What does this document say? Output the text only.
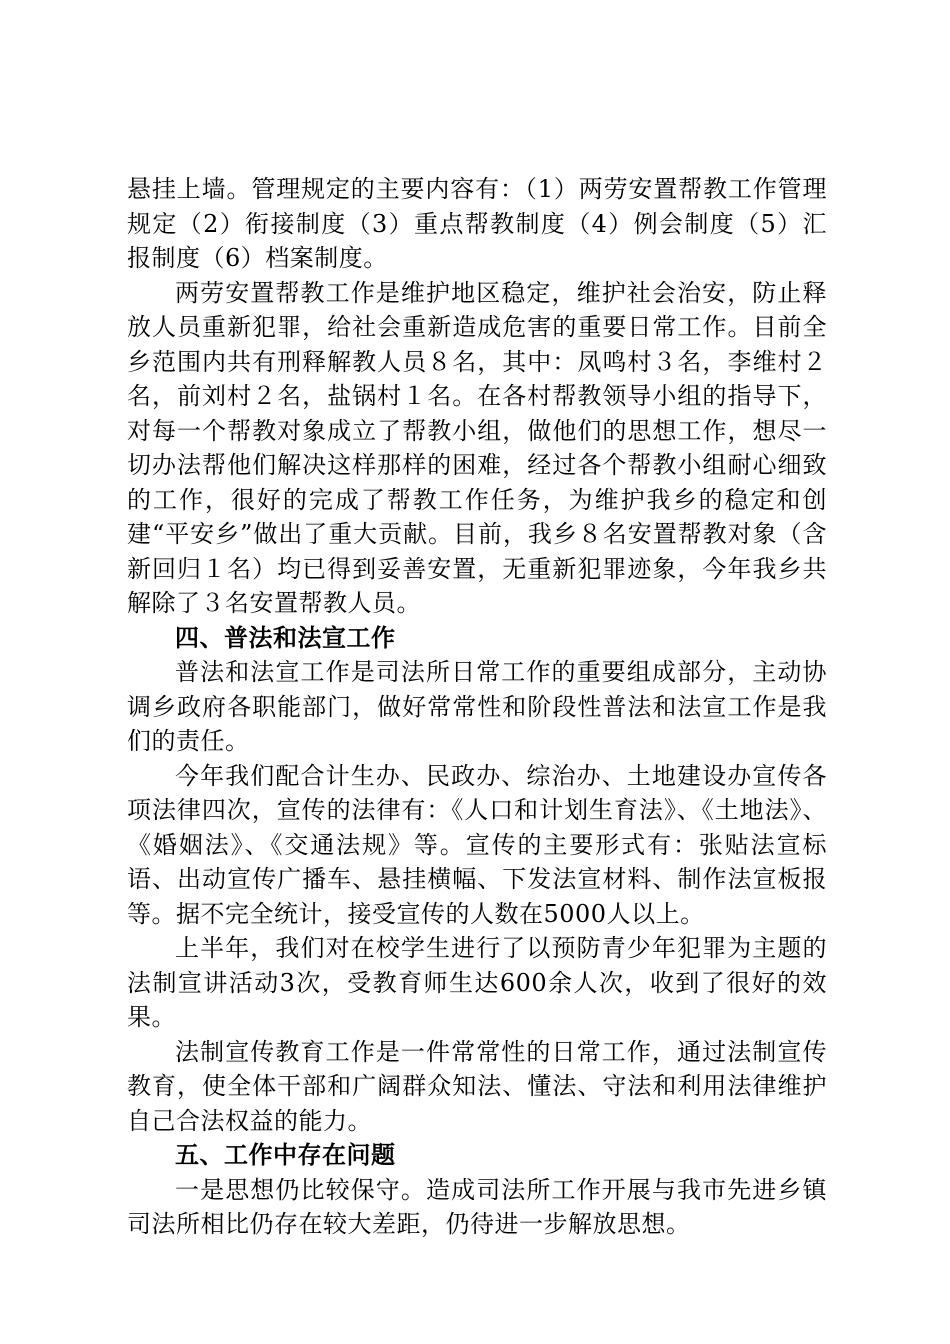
悬挂上墙。管理规定的主要内容有：（1）两劳安置帮教工作管理规定（2）衔接制度（3）重点帮教制度（4）例会制度（5）汇报制度（6）档案制度。

两劳安置帮教工作是维护地区稳定，维护社会治安，防止释放人员重新犯罪，给社会重新造成危害的重要日常工作。目前全乡范围内共有刑释解教人员８名，其中：凤鸣村３名，李维村２名，前刘村２名，盐锅村１名。在各村帮教领导小组的指导下，对每一个帮教对象成立了帮教小组，做他们的思想工作，想尽一切办法帮他们解决这样那样的困难，经过各个帮教小组耐心细致的工作，很好的完成了帮教工作任务，为维护我乡的稳定和创建“平安乡”做出了重大贡献。目前，我乡８名安置帮教对象（含新回归１名）均已得到妥善安置，无重新犯罪迹象，今年我乡共解除了３名安置帮教人员。

四、普法和法宣工作

普法和法宣工作是司法所日常工作的重要组成部分，主动协调乡政府各职能部门，做好常常性和阶段性普法和法宣工作是我们的责任。

今年我们配合计生办、民政办、综治办、土地建设办宣传各项法律四次，宣传的法律有：《人口和计划生育法》、《土地法》、《婚姻法》、《交通法规》等。宣传的主要形式有：张贴法宣标语、出动宣传广播车、悬挂横幅、下发法宣材料、制作法宣板报等。据不完全统计，接受宣传的人数在5000人以上。

上半年，我们对在校学生进行了以预防青少年犯罪为主题的法制宣讲活动3次，受教育师生达600余人次，收到了很好的效果。

法制宣传教育工作是一件常常性的日常工作，通过法制宣传教育，使全体干部和广阔群众知法、懂法、守法和利用法律维护自己合法权益的能力。

五、工作中存在问题

一是思想仍比较保守。造成司法所工作开展与我市先进乡镇司法所相比仍存在较大差距，仍待进一步解放思想。
